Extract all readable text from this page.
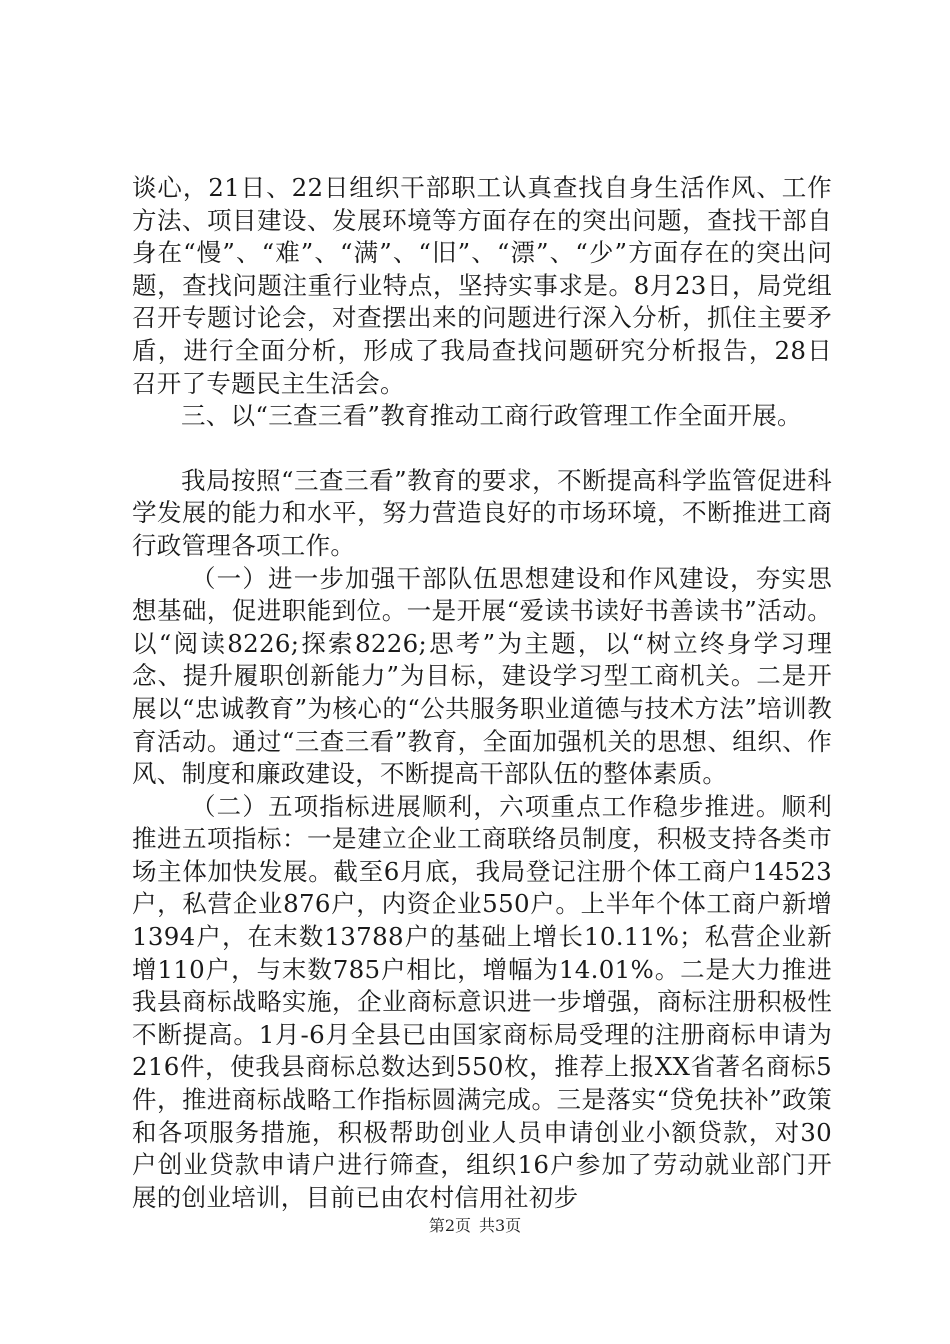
谈心，21日、22日组织干部职工认真查找自身生活作风、工作方法、项目建设、发展环境等方面存在的突出问题，查找干部自身在“慢”、“难”、“满”、“旧”、“漂”、“少”方面存在的突出问题，查找问题注重行业特点，坚持实事求是。8月23日，局党组召开专题讨论会，对查摆出来的问题进行深入分析，抓住主要矛盾，进行全面分析，形成了我局查找问题研究分析报告，28日召开了专题民主生活会。

三、以“三查三看”教育推动工商行政管理工作全面开展。

我局按照“三查三看”教育的要求，不断提高科学监管促进科学发展的能力和水平，努力营造良好的市场环境，不断推进工商行政管理各项工作。

（一）进一步加强干部队伍思想建设和作风建设，夯实思想基础，促进职能到位。一是开展“爱读书读好书善读书”活动。以“阅读8226;探索8226;思考”为主题，以“树立终身学习理念、提升履职创新能力”为目标，建设学习型工商机关。二是开展以“忠诚教育”为核心的“公共服务职业道德与技术方法”培训教育活动。通过“三查三看”教育，全面加强机关的思想、组织、作风、制度和廉政建设，不断提高干部队伍的整体素质。

（二）五项指标进展顺利，六项重点工作稳步推进。顺利推进五项指标：一是建立企业工商联络员制度，积极支持各类市场主体加快发展。截至6月底，我局登记注册个体工商户14523户，私营企业876户，内资企业550户。上半年个体工商户新增1394户，在末数13788户的基础上增长10.11%；私营企业新增110户，与末数785户相比，增幅为14.01%。二是大力推进我县商标战略实施，企业商标意识进一步增强，商标注册积极性不断提高。1月-6月全县已由国家商标局受理的注册商标申请为216件，使我县商标总数达到550枚，推荐上报XX省著名商标5件，推进商标战略工作指标圆满完成。三是落实“贷免扶补”政策和各项服务措施，积极帮助创业人员申请创业小额贷款，对30户创业贷款申请户进行筛查，组织16户参加了劳动就业部门开展的创业培训，目前已由农村信用社初步

第2页 共3页
